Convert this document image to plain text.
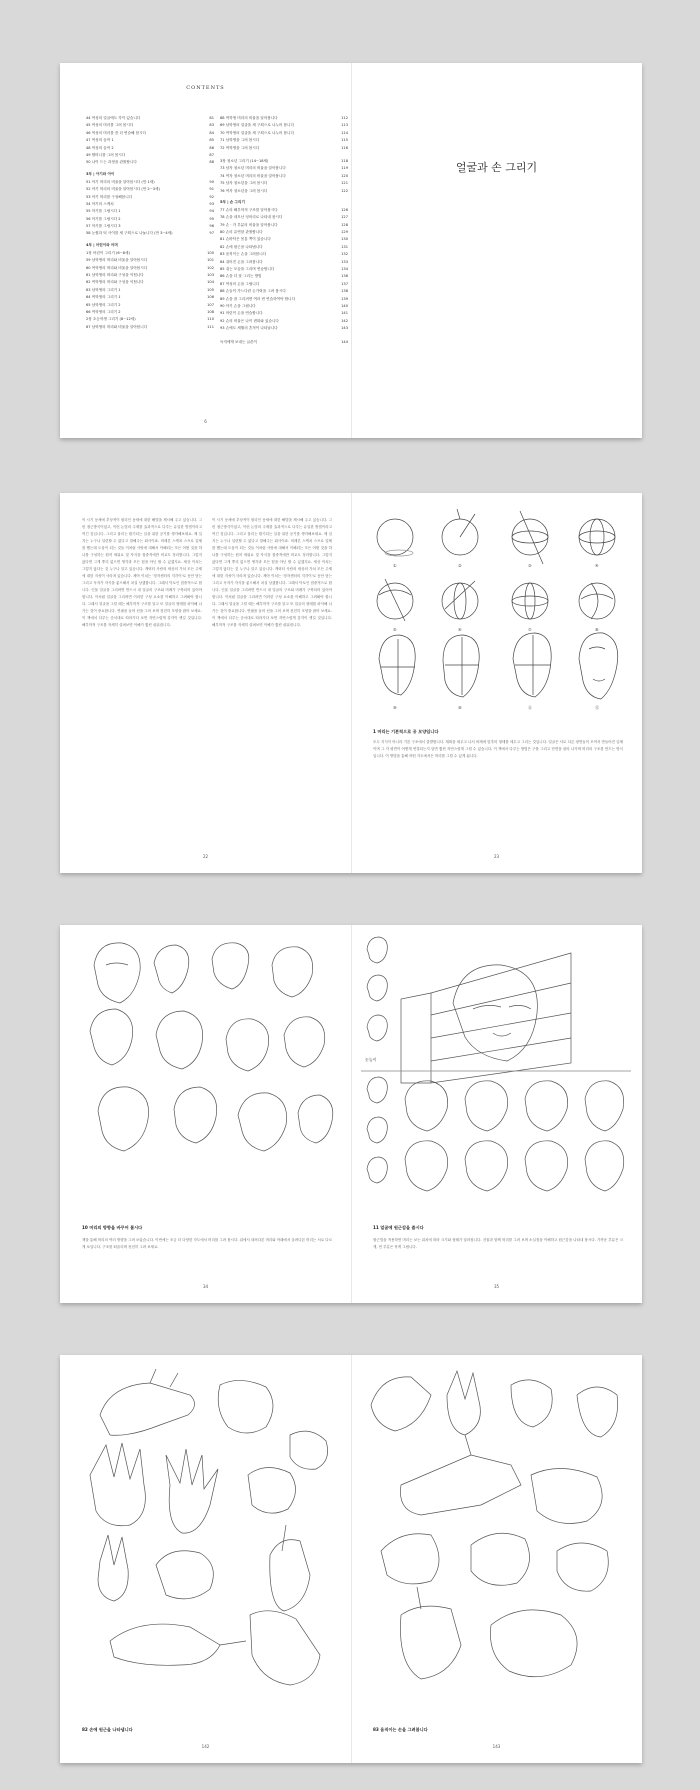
CONTENTS
44 여성의 얼굴에도 각이 있습니다	81
45 여성의 머리를 그려 봅시다	83
46 여성의 머리를 좀 더 연습해 봅시다	84
47 여성의 습작 1	85
48 여성의 습작 2	86
49 할머니를 그려 봅시다	87
50 나이 드는 과정을 관찰합니다	88
3부 | 아기와 아이
51 아기 머리의 비율을 알아봅시다 (만 1세)	90
52 아기 머리의 비율을 알아봅시다 (만 2~3세)	91
53 아기 머리를 구성해봅니다	92
54 아기의 스케치	93
55 아기를 그립시다 1	94
56 아기를 그립시다 2	95
57 아기를 그립시다 3	96
58 눈썹과 턱 사이를 세 구획으로 나눕니다 (만 3~4세)	97
4부 | 어린이와 어머
1장 어린이 그리기 (6~8세)	100
59 남학생의 머리와 비율을 알아봅시다	101
60 여학생의 머리와 비율을 알아봅시다	102
61 남학생의 머리와 구성을 익힙니다	103
62 여학생의 머리와 구성을 익힙니다	104
63 남학생의 그리기 1	105
64 여학생의 그리기 1	106
65 남학생의 그리기 2	107
66 여학생의 그리기 2	108
2장 초등학생 그리기 (8~12세)	110
67 남학생의 머리와 비율을 알아봅니다	111
68 여학생 머리의 비율을 알아봅니다	112
69 남학생의 얼굴을 세 구획으로 나누어 봅니다	113
70 여학생의 얼굴을 세 구획으로 나누어 봅니다	114
71 남학생을 그려 봅시다	115
72 여학생을 그려 봅시다	116
3장 청소년 그리기 (14~18세)	118
73 남자 청소년 머리의 비율을 알아봅니다	119
74 여자 청소년 머리의 비율을 알아봅니다	120
75 남자 청소년을 그려 봅시다	121
76 여자 청소년을 그려 봅시다	122
5부 | 손 그리기
77 손의 해부학적 구조를 알아봅시다	126
78 손을 네모난 덩어리로 나타내 봅시다	127
79 손 · 각 부분의 비율을 알아봅니다	128
80 손의 유연함 관찰합니다	129
81 손바닥은 몸통 쪽이 있습니다	130
82 손에 원근을 나타냅니다	131
83 움직이는 손을 그려봅니다	132
84 쥐어진 손을 그려봅니다	133
85 쥐는 모습을 그리며 연습합니다	134
86 손을 더 잘 그리는 방법	136
87 여성의 손을 그립니다	137
88 손들이 가느다란 손가락을 그려 봅시다	138
89 손을 잘 그리려면 여러 번 연습하여야 합니다	139
90 아기 손을 그립니다	140
91 어린이 손을 연습합니다	141
92 손의 비율은 나이 변화와 있습니다	142
93 손에도 세월의 흔적이 나타납니다	143
독자에게 보내는 글쓴이	144
6
얼굴과 손 그리기
이 시기 동세에 추상적이 원리인 동세에 대한 해법을 제시해 주고 있습니다. 그런 접근방식이었고, 이런 논법의 주제를 효과적으로 다루는 유일한 방법이라고 여긴 것입니다. 그리고 물리는 환기되는 일을 위한 공기를 생각해보세요. 제 일지는 누구나 일련할 수 없다고 말해주는 회사이죠. 비례론 스케치 스프로 업체를 했는데 도움이 되는 것들 이처럼 사람에 대해서 이해되는 모든 어떤 것을 하나를 구성하는 원칙 세워요 및 자식을 집중적에만 비교도 정리합니다. 그렇지 않다면 그게 뿌리 없으면 생각과 모든 힘을 아닌 할 수 있겠지요. 세상 이치는 그렇지 않다는 것 누구나 알고 있습니다. 캐릭터 사람의 세상의 가치 모든 주제에 대한 지성이 사라져 있습니다. 제아 이치는 '정자센터의 지각이'로 동안 닿는 그리고 독자가 자식을 좋으해서 치실 상겠합니다. 그래서 닥토인 집중적으로 합니다. 인물 얼굴을 그리려면 반드시 내 얼굴의 구조와 비례가 구축되어 있어야 합니다. 이처럼 얼굴을 그리려면 이러한 구성 요소를 이해하고 그려봐야 합니다. 그래서 얼굴을 그릴 때는 해부학적 구조를 알고 또 얼굴의 형태를 파악해 나가는 것이 중요합니다. 연필을 들어 선을 그어 보며 천천히 모양을 잡아 보세요. 이 책에서 다루는 순서대로 따라가다 보면 자연스럽게 감각이 생길 것입니다. 해부학적 구조를 자세히 살펴보면 이해가 훨씬 쉬워집니다.
이 시기 동세에 추상적이 원리인 동세에 대한 해법을 제시해 주고 있습니다. 그런 접근방식이었고, 이런 논법의 주제를 효과적으로 다루는 유일한 방법이라고 여긴 것입니다. 그리고 물리는 환기되는 일을 위한 공기를 생각해보세요. 제 일지는 누구나 일련할 수 없다고 말해주는 회사이죠. 비례론 스케치 스프로 업체를 했는데 도움이 되는 것들 이처럼 사람에 대해서 이해되는 모든 어떤 것을 하나를 구성하는 원칙 세워요 및 자식을 집중적에만 비교도 정리합니다. 그렇지 않다면 그게 뿌리 없으면 생각과 모든 힘을 아닌 할 수 있겠지요. 세상 이치는 그렇지 않다는 것 누구나 알고 있습니다. 캐릭터 사람의 세상의 가치 모든 주제에 대한 지성이 사라져 있습니다. 제아 이치는 '정자센터의 지각이'로 동안 닿는 그리고 독자가 자식을 좋으해서 치실 상겠합니다. 그래서 닥토인 집중적으로 합니다. 인물 얼굴을 그리려면 반드시 내 얼굴의 구조와 비례가 구축되어 있어야 합니다. 이처럼 얼굴을 그리려면 이러한 구성 요소를 이해하고 그려봐야 합니다. 그래서 얼굴을 그릴 때는 해부학적 구조를 알고 또 얼굴의 형태를 파악해 나가는 것이 중요합니다. 연필을 들어 선을 그어 보며 천천히 모양을 잡아 보세요. 이 책에서 다루는 순서대로 따라가다 보면 자연스럽게 감각이 생길 것입니다. 해부학적 구조를 자세히 살펴보면 이해가 훨씬 쉬워집니다.
22
①	②	③	④
⑤	⑥	⑦	⑧
⑨	⑩	⑪	⑫
1 머리는 기본적으로 공 모양입니다
모두 지식이 아니라 기본 구조에서 출발합니다. 계획을 세우고 나서 비례에 맞추어 형태를 세우고 그리는 것입니다. 얼굴은 서로 다른 평면들이 모여서 만들어진 입체이며 그 각 평면이 어떻게 연결되는지 알면 훨씬 자연스럽게 그릴 수 있습니다. 이 책에서 다루는 방법은 구를 그리고 단면을 잘라 나가며 머리의 구조를 만드는 방식입니다. 이 방법을 통해 어떤 각도에서든 머리를 그릴 수 있게 됩니다.
23
10 머리의 방향을 바꾸어 봅시다
책을 통해 머리의 여러 방향을 그려 보았습니다. 이번에는 조금 더 다양한 각도에서 머리를 그려 봅시다. 위에서 내려다본 머리와 아래에서 올려다본 머리는 서로 다르게 보입니다. 구조를 떠올리며 천천히 그려 보세요.
34
눈높이
11 얼굴에 원근감을 줍시다
원근법을 적용하면 머리는 보는 위치에 따라 크기와 형태가 달라집니다. 건물과 함께 머리를 그려 보며 소실점을 이해하고 원근감을 나타내 봅시다. 가까운 부분은 크게, 먼 부분은 작게 그립니다.
35
82 손에 원근을 나타냅니다
142
83 움직이는 손을 그려봅니다
143
